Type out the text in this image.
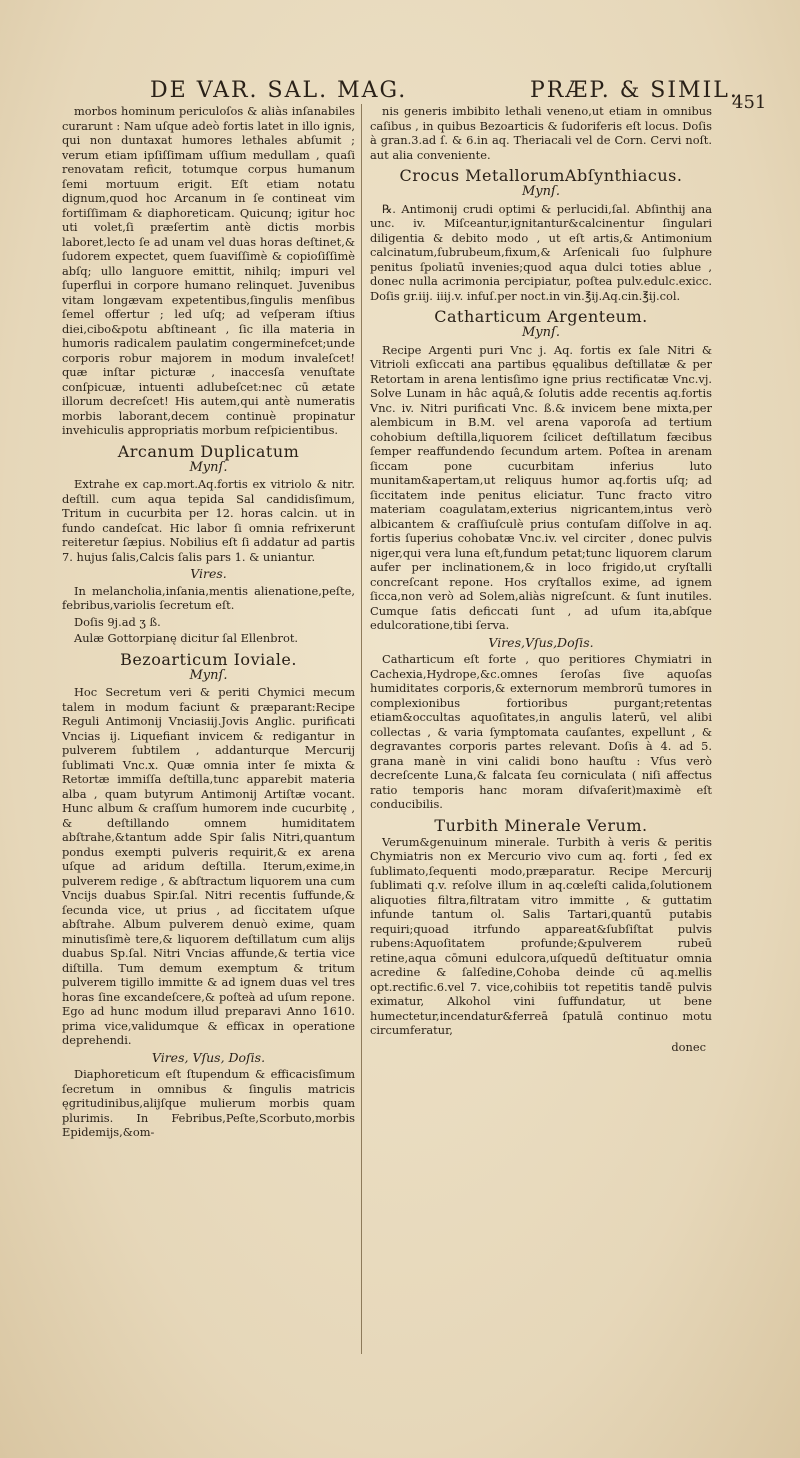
DE VAR. SAL. MAG.	PRÆP. & SIMIL.
451

morbos hominum periculoſos & aliàs inſanabiles curarunt : Nam uſque adeò fortis latet in illo ignis, qui non duntaxat humores lethales abſumit ; verum etiam ipſiſſimam uſſium medullam , quaſi renovatam reficit, totumque corpus humanum ſemi mortuum erigit. Eſt etiam notatu dignum,quod hoc Arcanum in ſe contineat vim fortiſſimam & diaphoreticam. Quicunq; igitur hoc uti volet,ſi præſertim antè dictis morbis laboret,lecto ſe ad unam vel duas horas deſtinet,& ſudorem expectet, quem ſuaviſſimè & copioſiſſimè abſq; ullo languore emittit, nihilq; impuri vel ſuperflui in corpore humano relinquet. Juvenibus vitam longævam expetentibus,ſingulis menſibus ſemel offertur ; led uſq; ad veſperam iſtius diei,cibo&potu abſtineant , ſic illa materia in humoris radicalem paulatim congerminefcet;unde corporis robur majorem in modum invaleſcet! quæ inſtar picturæ , inaccesſa venuſtate conſpicuæ, intuenti adlubeſcet:nec cū ætate illorum decreſcet! His autem,qui antè numeratis morbis laborant,decem continuè propinatur invehiculis appropriatis morbum reſpicientibus.

Arcanum Duplicatum

Mynſ.

Extrahe ex cap.mort.Aq.fortis ex vitriolo & nitr. deſtill. cum aqua tepida Sal candidisſimum, Tritum in cucurbita per 12. horas calcin. ut in fundo candeſcat. Hic labor ſi omnia refrixerunt reiteretur ſæpius. Nobilius eſt ſi addatur ad partis 7. hujus ſalis,Calcis ſalis pars 1. & uniantur.

Vires.

In melancholia,inſania,mentis alienatione,peſte, febribus,variolis ſecretum eſt.

Doſis 9j.ad ʒ ß.

Aulæ Gottorpianę dicitur ſal Ellenbrot.

Bezoarticum Ioviale.

Mynſ.

Hoc Secretum veri & periti Chymici mecum talem in modum faciunt & præparant:Recipe Reguli Antimonij Vnciasiij.Jovis Anglic. purificati Vncias ij. Liquefiant invicem & redigantur in pulverem ſubtilem , addanturque Mercurij ſublimati Vnc.x. Quæ omnia inter ſe mixta & Retortæ immiſſa deſtilla,tunc apparebit materia alba , quam butyrum Antimonij Artiſtæ vocant. Hunc album & craſſum humorem inde cucurbitę , & deſtillando omnem humiditatem abſtrahe,&tantum adde Spir ſalis Nitri,quantum pondus exempti pulveris requirit,& ex arena uſque ad aridum deſtilla. Iterum,exime,in pulverem redige , & abſtractum liquorem una cum Vncijs duabus Spir.ſal. Nitri recentis ſuffunde,& ſecunda vice, ut prius , ad ſiccitatem uſque abſtrahe. Album pulverem denuò exime, quam minutisſimè tere,& liquorem deſtillatum cum alijs duabus Sp.ſal. Nitri Vncias affunde,& tertia vice diſtilla. Tum demum exemptum & tritum pulverem tigillo immitte & ad ignem duas vel tres horas ſine excandeſcere,& poſteà ad uſum repone. Ego ad hunc modum illud preparavi Anno 1610. prima vice,validumque & efficax in operatione deprehendi.

Vires, Vſus, Doſis.

Diaphoreticum eſt ſtupendum & efficacisſimum ſecretum in omnibus & ſingulis matricis ęgritudinibus,alijſque mulierum morbis quam plurimis. In Febribus,Peſte,Scorbuto,morbis Epidemijs,&om-

nis generis imbibito lethali veneno,ut etiam in omnibus caſibus , in quibus Bezoarticis & ſudoriferis eſt locus. Doſis à gran.3.ad ſ. & 6.in aq. Theriacali vel de Corn. Cervi noſt. aut alia conveniente.

Crocus MetallorumAbſynthiacus.

Mynſ.

℞. Antimonij crudi optimi & perlucidi,ſal. Abſinthij ana unc. iv. Miſceantur,ignitantur&calcinentur ſingulari diligentia & debito modo , ut eſt artis,& Antimonium calcinatum,ſubrubeum,fixum,& Arſenicali ſuo ſulphure penitus ſpoliatū invenies;quod aqua dulci toties ablue , donec nulla acrimonia percipiatur, poſtea pulv.edulc.exicc. Doſis gr.iij. iiij.v. infuſ.per noct.in vin.℥ij.Aq.cin.℥ij.col.

Catharticum Argenteum.

Mynſ.

Recipe Argenti puri Vnc j. Aq. fortis ex ſale Nitri & Vitrioli exſiccati ana partibus ęqualibus deſtillatæ & per Retortam in arena lentisſimo igne prius rectificatæ Vnc.vj. Solve Lunam in hâc aquâ,& ſolutis adde recentis aq.fortis Vnc. iv. Nitri purificati Vnc. ß.& invicem bene mixta,per alembicum in B.M. vel arena vaporoſa ad tertium cohobium deſtilla,liquorem ſcilicet deſtillatum fæcibus ſemper reaffundendo ſecundum artem. Poſtea in arenam ſiccam pone cucurbitam inferius luto munitam&apertam,ut reliquus humor aq.fortis uſq; ad ſiccitatem inde penitus eliciatur. Tunc fracto vitro materiam coagulatam,exterius nigricantem,intus verò albicantem & craſſiuſculè prius contuſam diſſolve in aq. fortis ſuperius cohobatæ Vnc.iv. vel circiter , donec pulvis niger,qui vera luna eſt,fundum petat;tunc liquorem clarum aufer per inclinationem,& in loco frigido,ut cryſtalli concreſcant repone. Hos cryſtallos exime, ad ignem ſicca,non verò ad Solem,aliàs nigreſcunt. & ſunt inutiles. Cumque ſatis deficcati ſunt , ad uſum ita,abſque edulcoratione,tibi ſerva.

Vires,Vſus,Doſis.

Catharticum eſt forte , quo peritiores Chymiatri in Cachexia,Hydrope,&c.omnes ſeroſas ſive aquoſas humiditates corporis,& externorum membrorū tumores in complexionibus fortioribus purgant;retentas etiam&occultas aquoſitates,in angulis laterū, vel alibi collectas , & varia ſymptomata cauſantes, expellunt , & degravantes corporis partes relevant. Doſis à 4. ad 5. grana manè in vini calidi bono hauſtu : Vſus verò decreſcente Luna,& falcata ſeu corniculata ( niſi affectus ratio temporis hanc moram diſvaſerit)maximè eſt conducibilis.

Turbith Minerale Verum.

Verum&genuinum minerale. Turbith à veris & peritis Chymiatris non ex Mercurio vivo cum aq. forti , ſed ex ſublimato,ſequenti modo,præparatur. Recipe Mercurij ſublimati q.v. reſolve illum in aq.cœleſti calida,ſolutionem aliquoties filtra,filtratam vitro immitte , & guttatim infunde tantum ol. Salis Tartari,quantū putabis requiri;quoad itrfundo appareat&ſubſiſtat pulvis rubens:Aquoſitatem profunde;&pulverem rubeū retine,aqua cōmuni edulcora,uſquedū deſtituatur omnia acredine & ſalſedine,Cohoba deinde cū aq.mellis opt.rectific.6.vel 7. vice,cohibiis tot repetitis tandē pulvis eximatur, Alkohol vini ſuffundatur, ut bene humectetur,incendatur&ferreā ſpatulā continuo motu circumferatur,

donec
